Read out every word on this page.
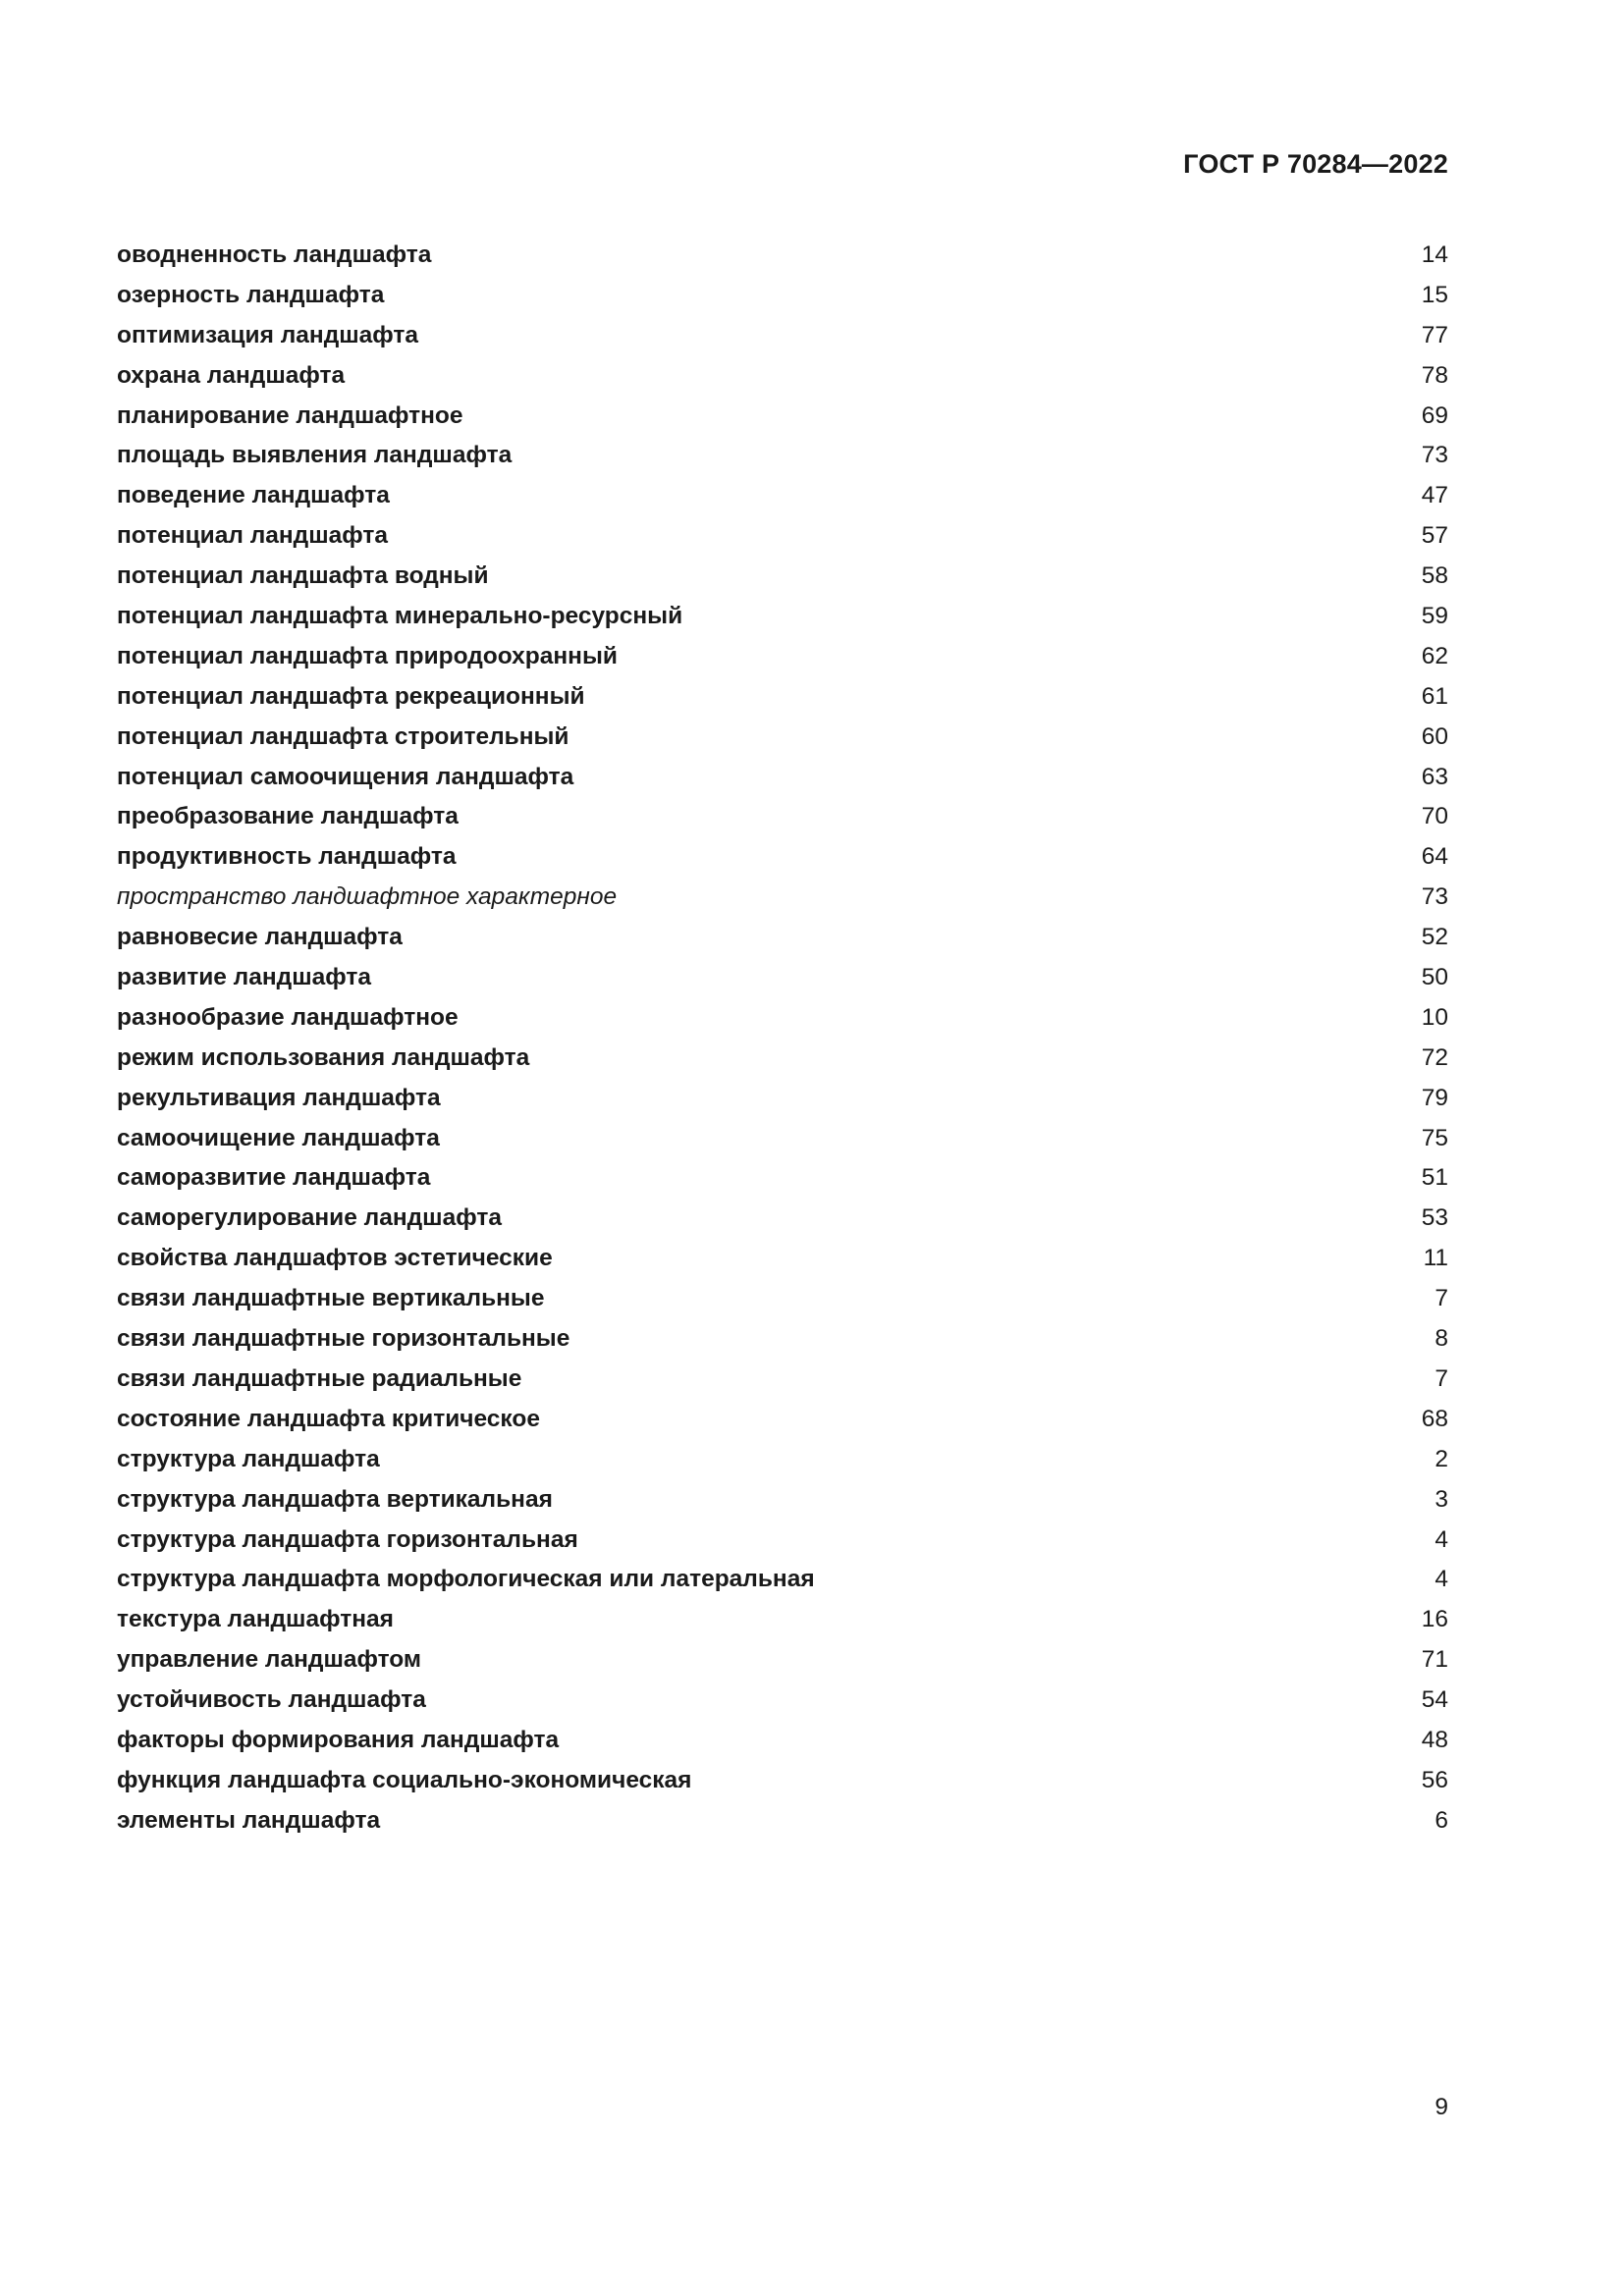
ГОСТ Р 70284—2022
оводненность ландшафта	14
озерность ландшафта	15
оптимизация ландшафта	77
охрана ландшафта	78
планирование ландшафтное	69
площадь выявления ландшафта	73
поведение ландшафта	47
потенциал ландшафта	57
потенциал ландшафта водный	58
потенциал ландшафта минерально-ресурсный	59
потенциал ландшафта природоохранный	62
потенциал ландшафта рекреационный	61
потенциал ландшафта строительный	60
потенциал самоочищения ландшафта	63
преобразование ландшафта	70
продуктивность ландшафта	64
пространство ландшафтное характерное	73
равновесие ландшафта	52
развитие ландшафта	50
разнообразие ландшафтное	10
режим использования ландшафта	72
рекультивация ландшафта	79
самоочищение ландшафта	75
саморазвитие ландшафта	51
саморегулирование ландшафта	53
свойства ландшафтов эстетические	11
связи ландшафтные вертикальные	7
связи ландшафтные горизонтальные	8
связи ландшафтные радиальные	7
состояние ландшафта критическое	68
структура ландшафта	2
структура ландшафта вертикальная	3
структура ландшафта горизонтальная	4
структура ландшафта морфологическая или латеральная	4
текстура ландшафтная	16
управление ландшафтом	71
устойчивость ландшафта	54
факторы формирования ландшафта	48
функция ландшафта социально-экономическая	56
элементы ландшафта	6
9
